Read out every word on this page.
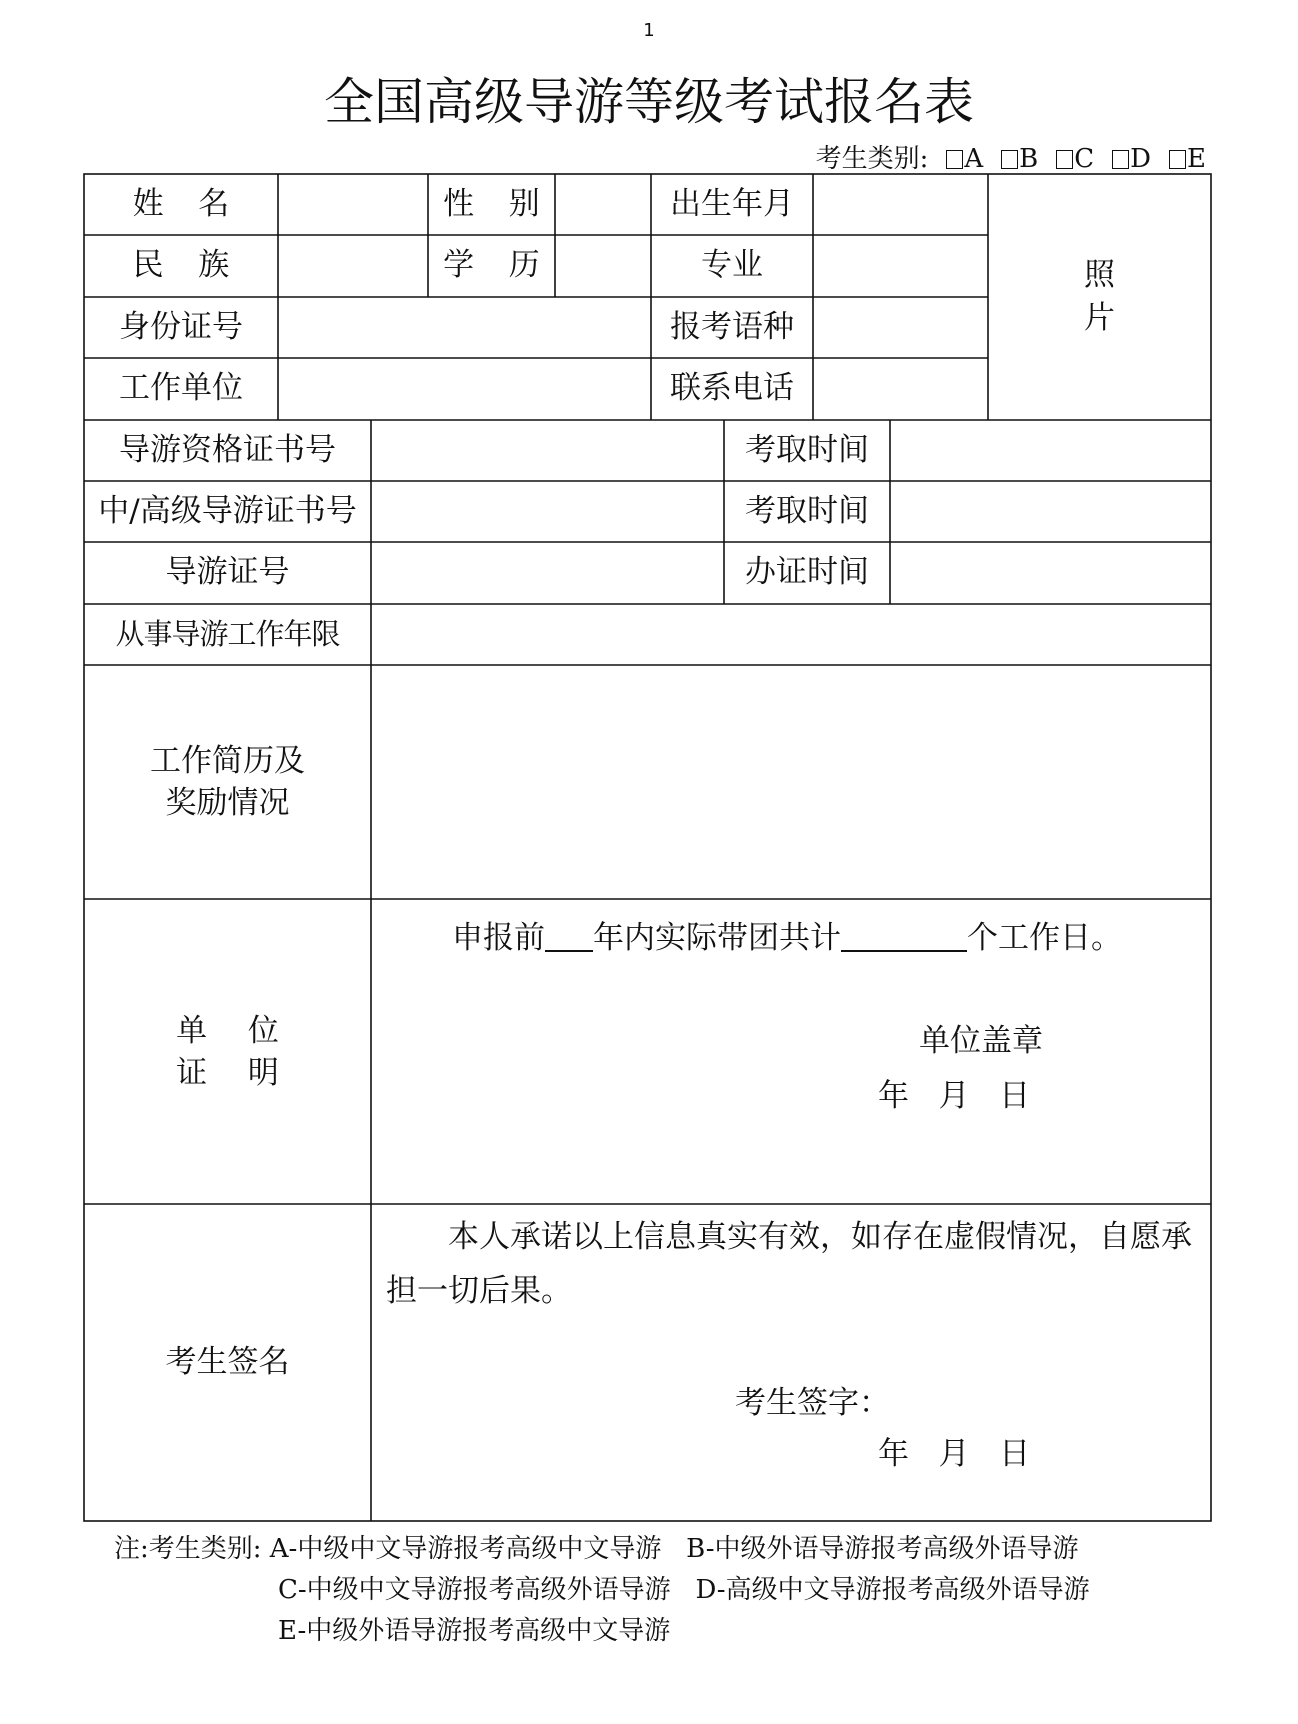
1
全国高级导游等级考试报名表
考生类别: A B C D E
姓 名	性 别	出生年月
照
片
民 族	学 历	专业
身份证号	报考语种
工作单位	联系电话
导游资格证书号	考取时间
中/高级导游证书号	考取时间
导游证号	办证时间
从事导游工作年限
工作简历及
奖励情况
单 位
证 明
申报前 年内实际带团共计	个工作日。
单位盖章
年   月   日
考生签名
本人承诺以上信息真实有效，如存在虚假情况，自愿承担一切后果。
考生签字：
年   月   日
注:考生类别: A-中级中文导游报考高级中文导游   B-中级外语导游报考高级外语导游
C-中级中文导游报考高级外语导游   D-高级中文导游报考高级外语导游
E-中级外语导游报考高级中文导游
